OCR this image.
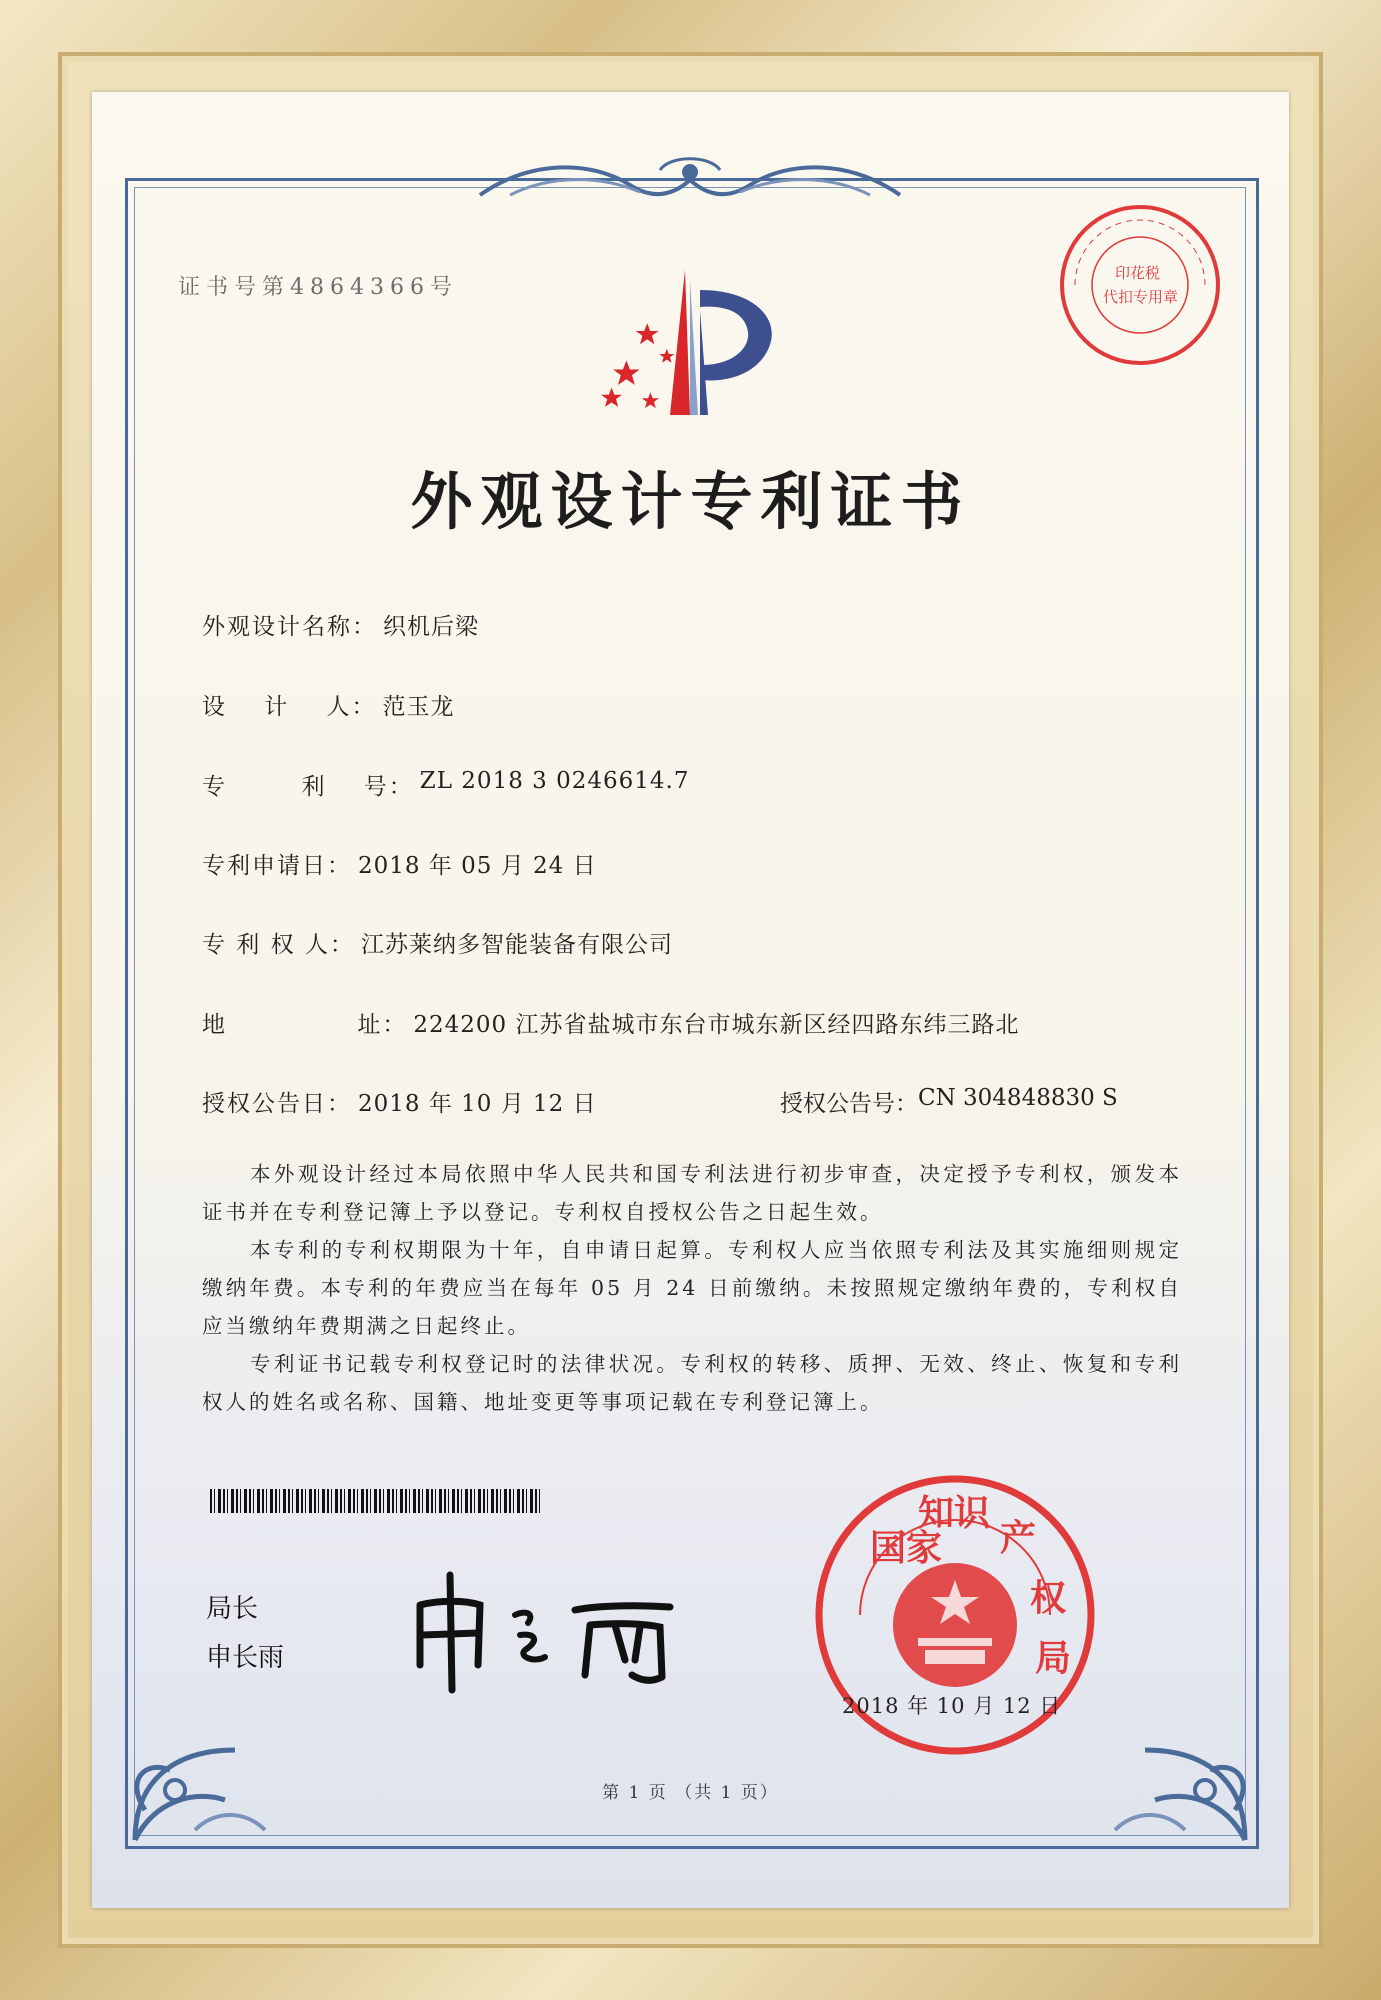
证书号第4864366号
外观设计专利证书
外观设计名称： 织机后梁
设    计    人： 范玉龙
专        利    号： ZL 2018 3 0246614.7
专利申请日： 2018 年 05 月 24 日
专 利 权 人： 江苏莱纳多智能装备有限公司
地              址： 224200 江苏省盐城市东台市城东新区经四路东纬三路北
授权公告日： 2018 年 10 月 12 日	授权公告号： CN 304848830 S
本外观设计经过本局依照中华人民共和国专利法进行初步审查，决定授予专利权，颁发本证书并在专利登记簿上予以登记。专利权自授权公告之日起生效。
本专利的专利权期限为十年，自申请日起算。专利权人应当依照专利法及其实施细则规定缴纳年费。本专利的年费应当在每年 05 月 24 日前缴纳。未按照规定缴纳年费的，专利权自应当缴纳年费期满之日起终止。
专利证书记载专利权登记时的法律状况。专利权的转移、质押、无效、终止、恢复和专利权人的姓名或名称、国籍、地址变更等事项记载在专利登记簿上。
局长
申长雨
国家
知识
产
权
局
2018 年 10 月 12 日
印花税
代扣专用章
第 1 页 （共 1 页）
